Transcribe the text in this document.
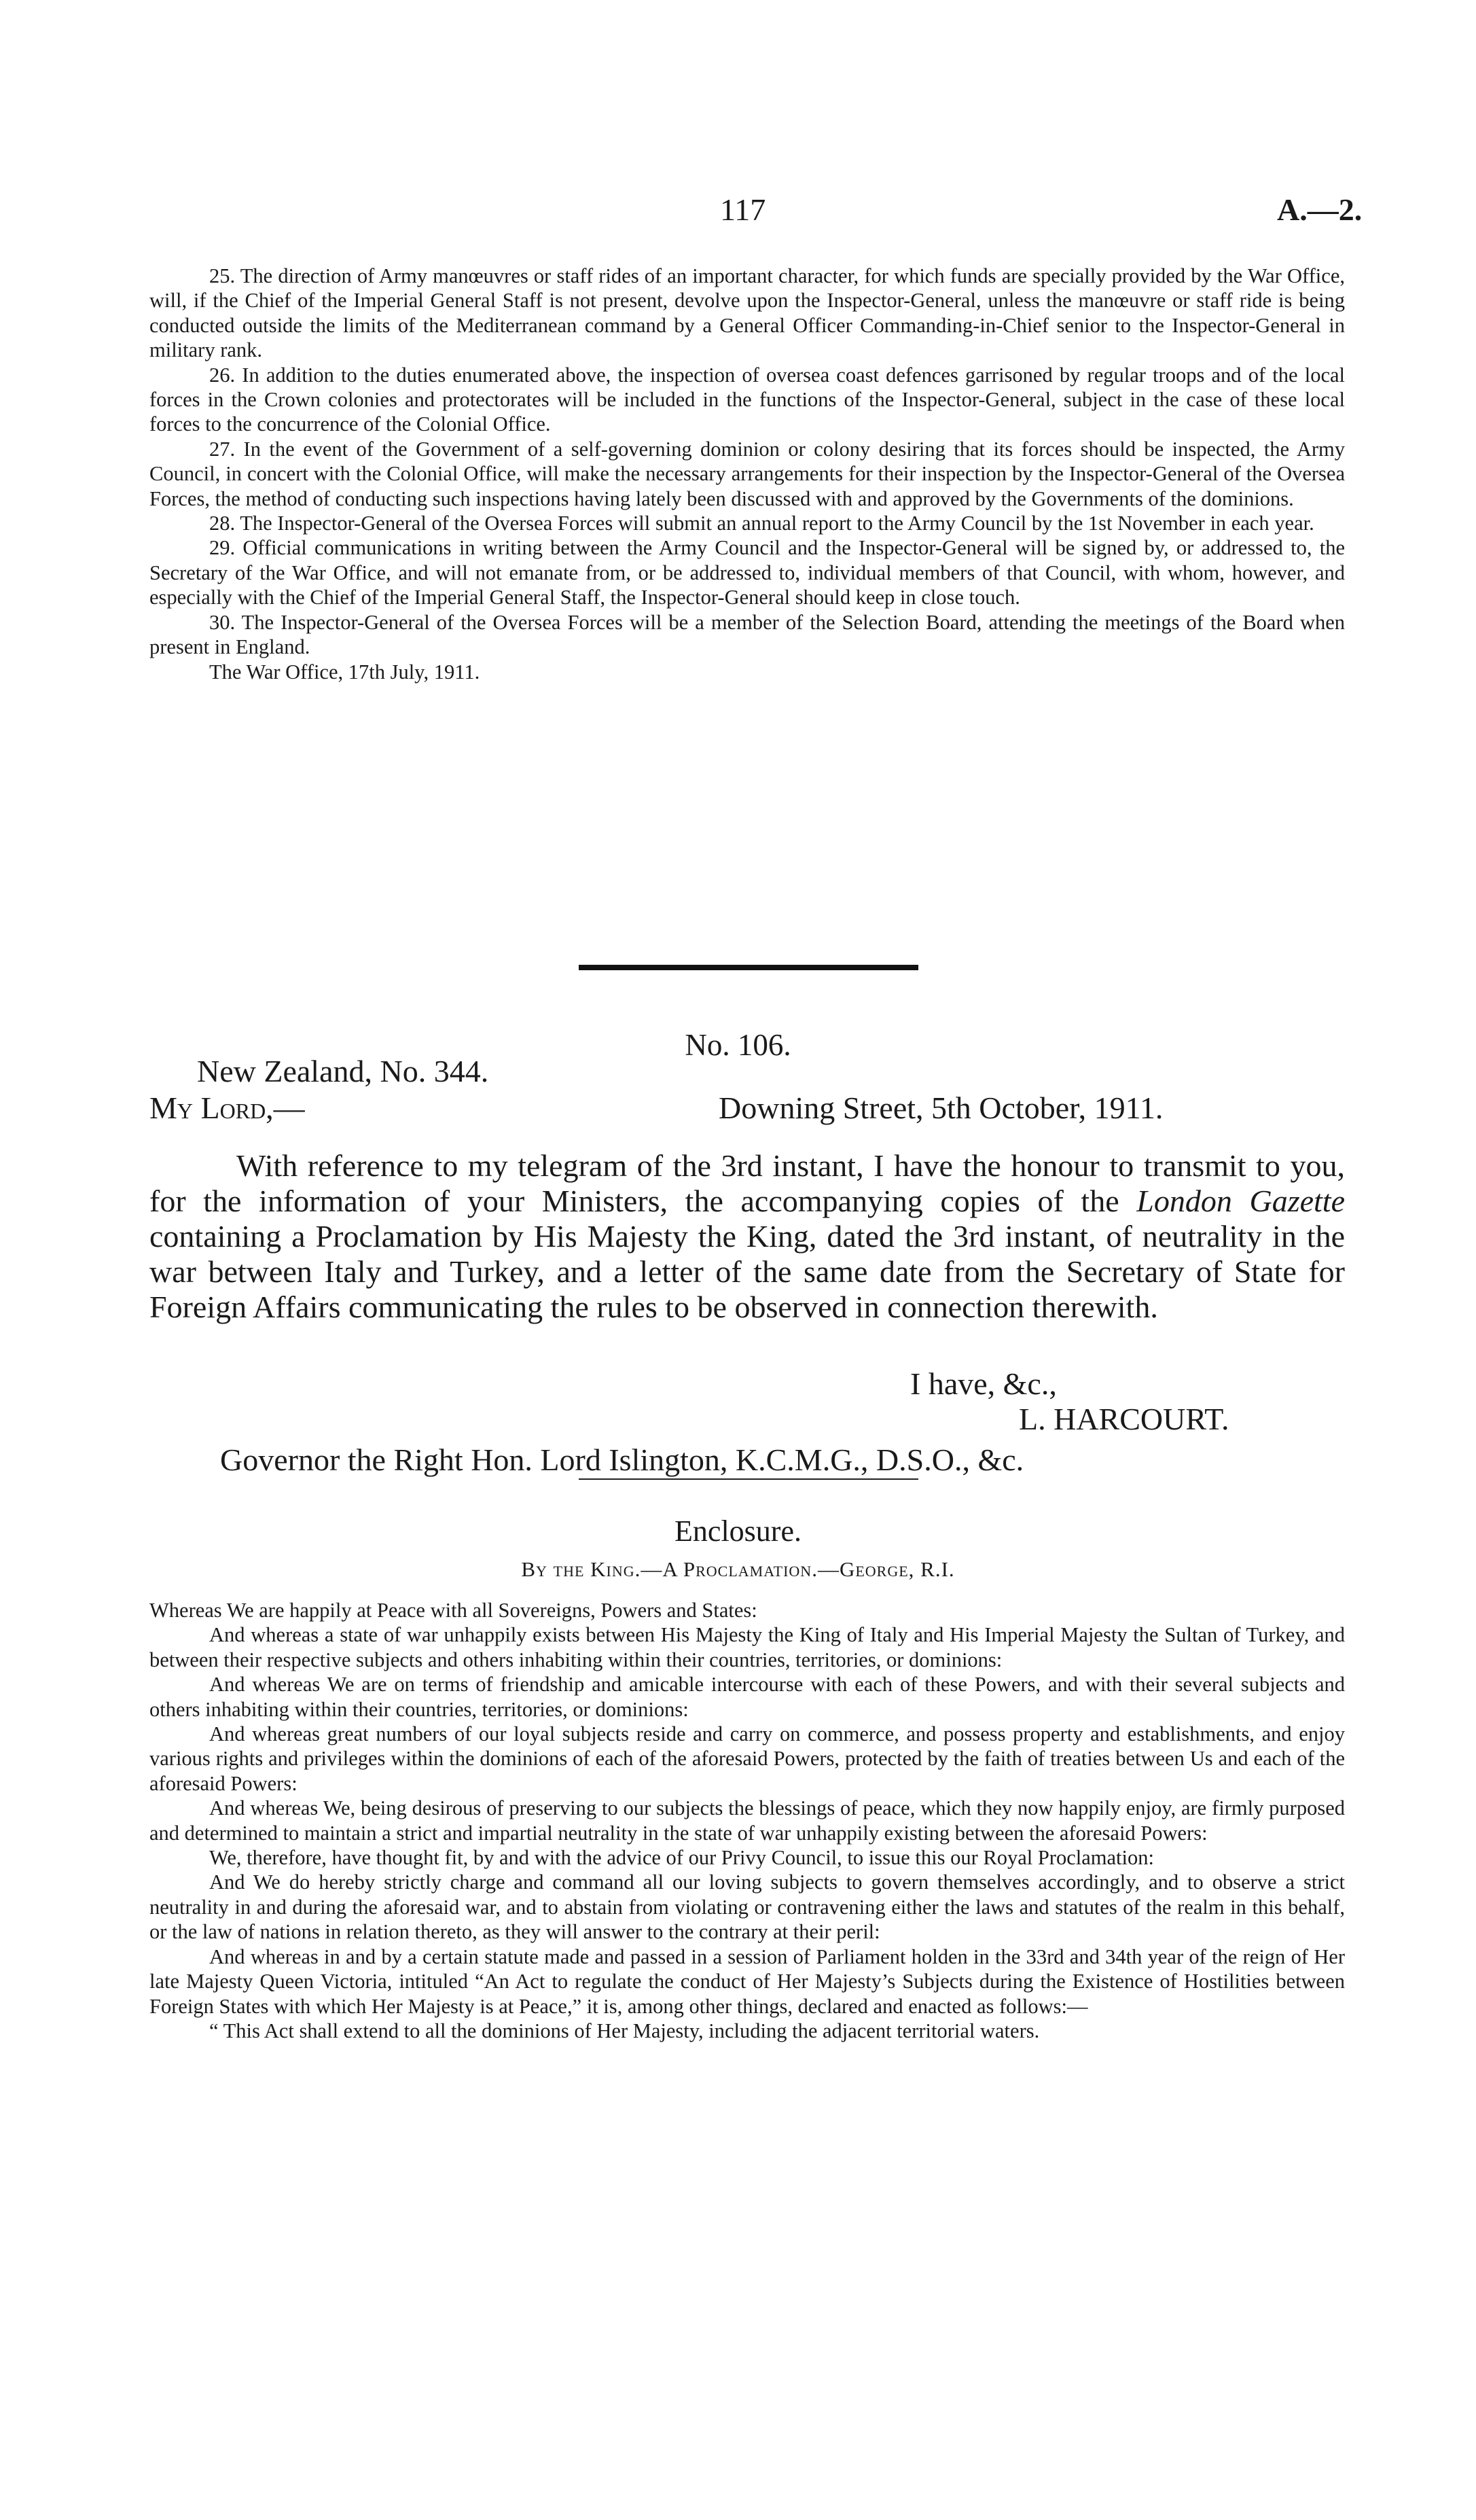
117	A.—2.

25. The direction of Army manœuvres or staff rides of an important character, for which funds are specially provided by the War Office, will, if the Chief of the Imperial General Staff is not present, devolve upon the Inspector-General, unless the manœuvre or staff ride is being conducted outside the limits of the Mediterranean command by a General Officer Commanding-in-Chief senior to the Inspector-General in military rank.

26. In addition to the duties enumerated above, the inspection of oversea coast defences garrisoned by regular troops and of the local forces in the Crown colonies and protectorates will be included in the functions of the Inspector-General, subject in the case of these local forces to the concurrence of the Colonial Office.

27. In the event of the Government of a self-governing dominion or colony desiring that its forces should be inspected, the Army Council, in concert with the Colonial Office, will make the necessary arrangements for their inspection by the Inspector-General of the Oversea Forces, the method of conducting such inspections having lately been discussed with and approved by the Governments of the dominions.

28. The Inspector-General of the Oversea Forces will submit an annual report to the Army Council by the 1st November in each year.

29. Official communications in writing between the Army Council and the Inspector-General will be signed by, or addressed to, the Secretary of the War Office, and will not emanate from, or be addressed to, individual members of that Council, with whom, however, and especially with the Chief of the Imperial General Staff, the Inspector-General should keep in close touch.

30. The Inspector-General of the Oversea Forces will be a member of the Selection Board, attending the meetings of the Board when present in England.

The War Office, 17th July, 1911.

No. 106.
New Zealand, No. 344.
My Lord,—	Downing Street, 5th October, 1911.

With reference to my telegram of the 3rd instant, I have the honour to transmit to you, for the information of your Ministers, the accompanying copies of the London Gazette containing a Proclamation by His Majesty the King, dated the 3rd instant, of neutrality in the war between Italy and Turkey, and a letter of the same date from the Secretary of State for Foreign Affairs communicating the rules to be observed in connection therewith.

I have, &c.,
L. HARCOURT.
Governor the Right Hon. Lord Islington, K.C.M.G., D.S.O., &c.
Enclosure.
By the King.—A Proclamation.—George, R.I.

Whereas We are happily at Peace with all Sovereigns, Powers and States:

And whereas a state of war unhappily exists between His Majesty the King of Italy and His Imperial Majesty the Sultan of Turkey, and between their respective subjects and others inhabiting within their countries, territories, or dominions:

And whereas We are on terms of friendship and amicable intercourse with each of these Powers, and with their several subjects and others inhabiting within their countries, territories, or dominions:

And whereas great numbers of our loyal subjects reside and carry on commerce, and possess property and establishments, and enjoy various rights and privileges within the dominions of each of the aforesaid Powers, protected by the faith of treaties between Us and each of the aforesaid Powers:

And whereas We, being desirous of preserving to our subjects the blessings of peace, which they now happily enjoy, are firmly purposed and determined to maintain a strict and impartial neutrality in the state of war unhappily existing between the aforesaid Powers:

We, therefore, have thought fit, by and with the advice of our Privy Council, to issue this our Royal Proclamation:

And We do hereby strictly charge and command all our loving subjects to govern themselves accordingly, and to observe a strict neutrality in and during the aforesaid war, and to abstain from violating or contravening either the laws and statutes of the realm in this behalf, or the law of nations in relation thereto, as they will answer to the contrary at their peril:

And whereas in and by a certain statute made and passed in a session of Parliament holden in the 33rd and 34th year of the reign of Her late Majesty Queen Victoria, intituled “An Act to regulate the conduct of Her Majesty’s Subjects during the Existence of Hostilities between Foreign States with which Her Majesty is at Peace,” it is, among other things, declared and enacted as follows:—

“ This Act shall extend to all the dominions of Her Majesty, including the adjacent territorial waters.
